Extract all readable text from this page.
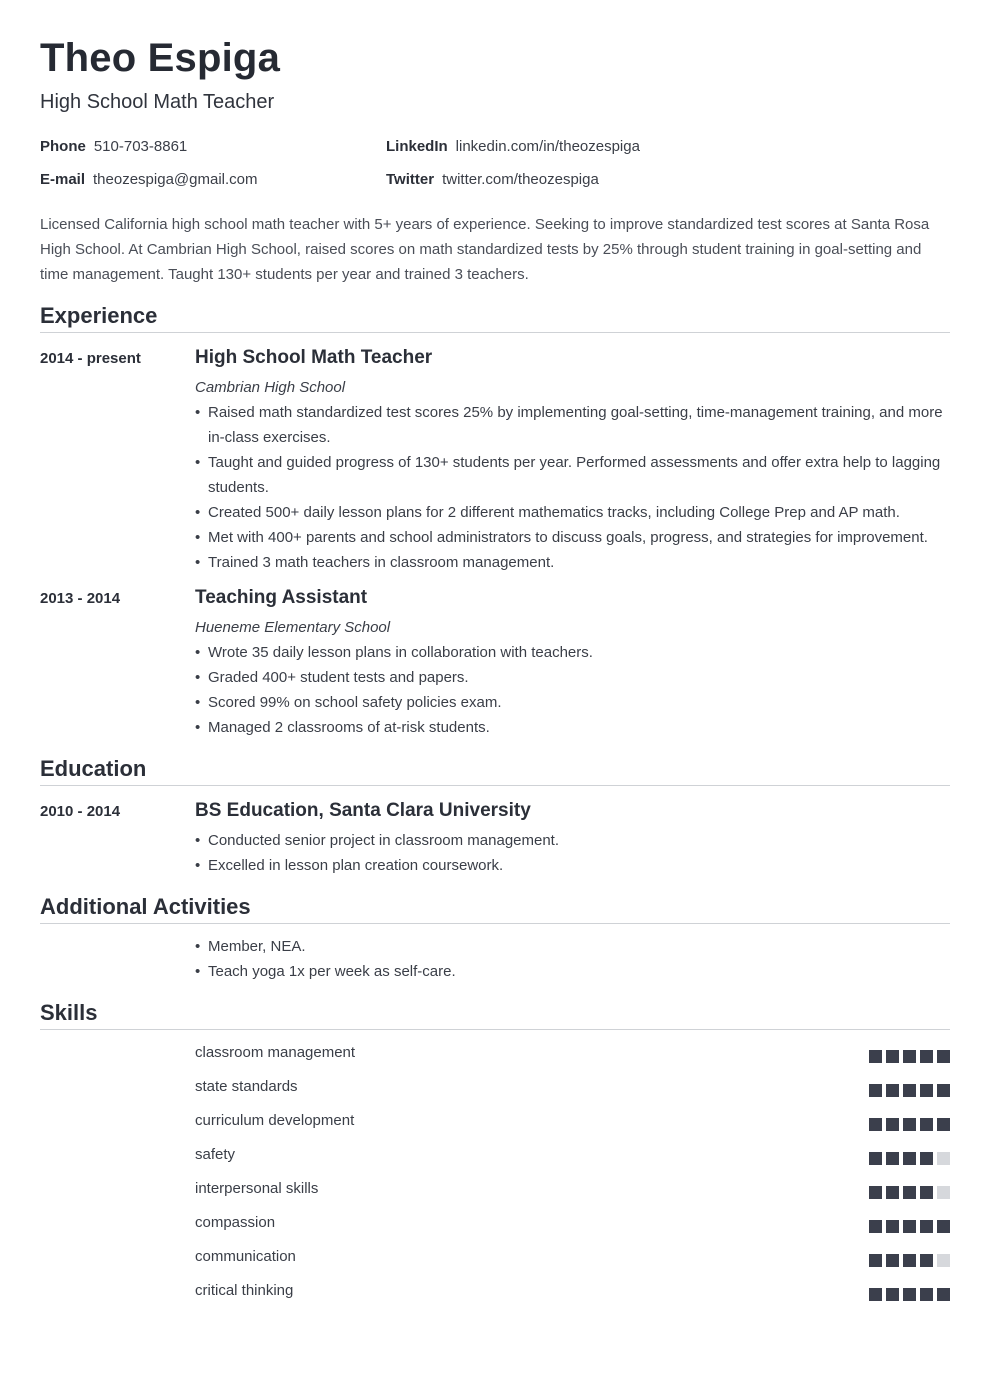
Theo Espiga
High School Math Teacher
Phone 510-703-8861	LinkedIn linkedin.com/in/theozespiga
E-mail theozespiga@gmail.com	Twitter twitter.com/theozespiga

Licensed California high school math teacher with 5+ years of experience. Seeking to improve standardized test scores at Santa Rosa High School. At Cambrian High School, raised scores on math standardized tests by 25% through student training in goal-setting and time management. Taught 130+ students per year and trained 3 teachers.

Experience
2014 - present	High School Math Teacher
Cambrian High School
• Raised math standardized test scores 25% by implementing goal-setting, time-management training, and more in-class exercises.
• Taught and guided progress of 130+ students per year. Performed assessments and offer extra help to lagging students.
• Created 500+ daily lesson plans for 2 different mathematics tracks, including College Prep and AP math.
• Met with 400+ parents and school administrators to discuss goals, progress, and strategies for improvement.
• Trained 3 math teachers in classroom management.
2013 - 2014	Teaching Assistant
Hueneme Elementary School
• Wrote 35 daily lesson plans in collaboration with teachers.
• Graded 400+ student tests and papers.
• Scored 99% on school safety policies exam.
• Managed 2 classrooms of at-risk students.
Education
2010 - 2014	BS Education, Santa Clara University
• Conducted senior project in classroom management.
• Excelled in lesson plan creation coursework.
Additional Activities
• Member, NEA.
• Teach yoga 1x per week as self-care.
Skills
classroom management
state standards
curriculum development
safety
interpersonal skills
compassion
communication
critical thinking
